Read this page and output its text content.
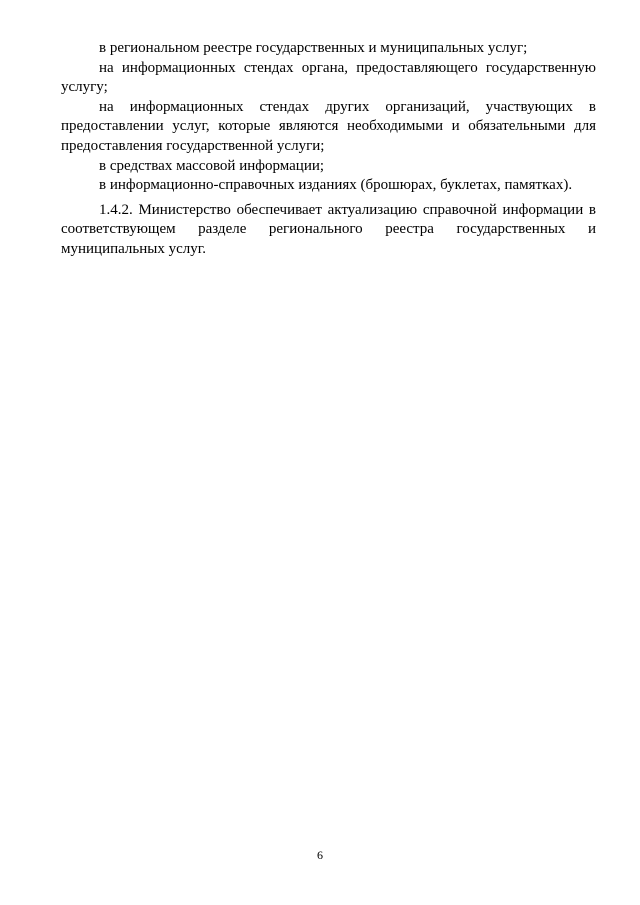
в региональном реестре государственных и муниципальных услуг;

на информационных стендах органа, предоставляющего государственную услугу;

на информационных стендах других организаций, участвующих в предоставлении услуг, которые являются необходимыми и обязательными для предоставления государственной услуги;

в средствах массовой информации;

в информационно-справочных изданиях (брошюрах, буклетах, памятках).

1.4.2. Министерство обеспечивает актуализацию справочной информации в соответствующем разделе регионального реестра государственных и муниципальных услуг.

6
